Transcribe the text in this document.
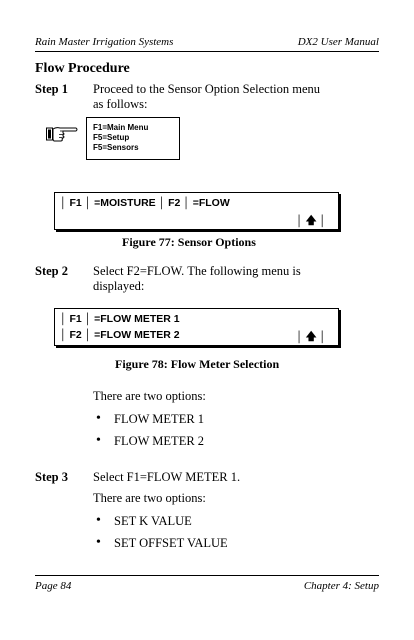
Rain Master Irrigation Systems	DX2 User Manual
Flow Procedure
Step 1 Proceed to the Sensor Option Selection menu as follows:
F1=Main Menu
F5=Setup
F5=Sensors
│ F1 │ =MOISTURE │ F2 │ =FLOW
│ 🡅 │
Figure 77: Sensor Options
Step 2 Select F2=FLOW. The following menu is displayed:
│ F1 │ =FLOW METER 1
│ F2 │ =FLOW METER 2	│ 🡅 │
Figure 78: Flow Meter Selection
There are two options:
• FLOW METER 1
• FLOW METER 2
Step 3 Select F1=FLOW METER 1.
There are two options:
• SET K VALUE
• SET OFFSET VALUE
Page 84	Chapter 4: Setup
